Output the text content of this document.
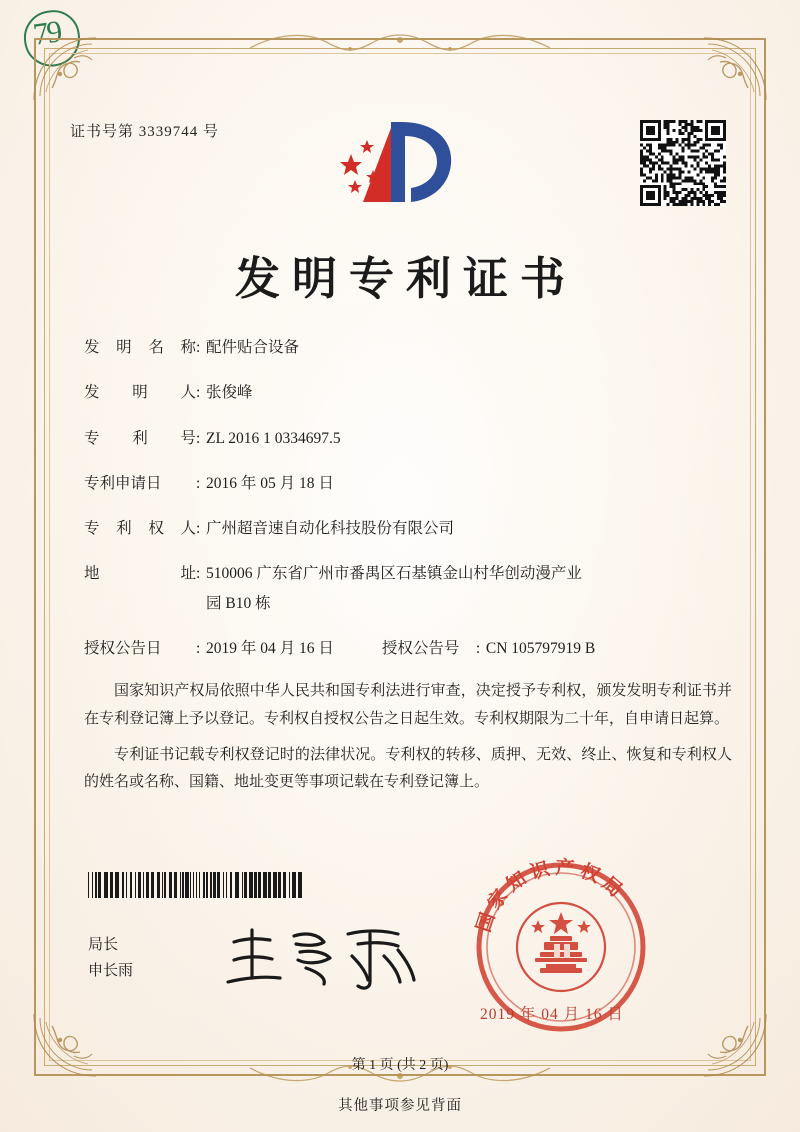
79
证书号第 3339744 号
发明专利证书
发 明 名 称 : 配件贴合设备
发 明 人 : 张俊峰
专 利 号 : ZL 2016 1 0334697.5
专利申请日	: 2016 年 05 月 18 日
专 利 权 人 : 广州超音速自动化科技股份有限公司
地	址 : 510006 广东省广州市番禺区石基镇金山村华创动漫产业
园 B10 栋
授权公告日	: 2019 年 04 月 16 日	授权公告号	: CN 105797919 B

国家知识产权局依照中华人民共和国专利法进行审查，决定授予专利权，颁发发明专利证书并在专利登记簿上予以登记。专利权自授权公告之日起生效。专利权期限为二十年，自申请日起算。

专利证书记载专利权登记时的法律状况。专利权的转移、质押、无效、终止、恢复和专利权人的姓名或名称、国籍、地址变更等事项记载在专利登记簿上。

局长
申长雨
国 家 知 识 产 权 局
2019 年 04 月 16 日
第 1 页 (共 2 页)
其他事项参见背面
